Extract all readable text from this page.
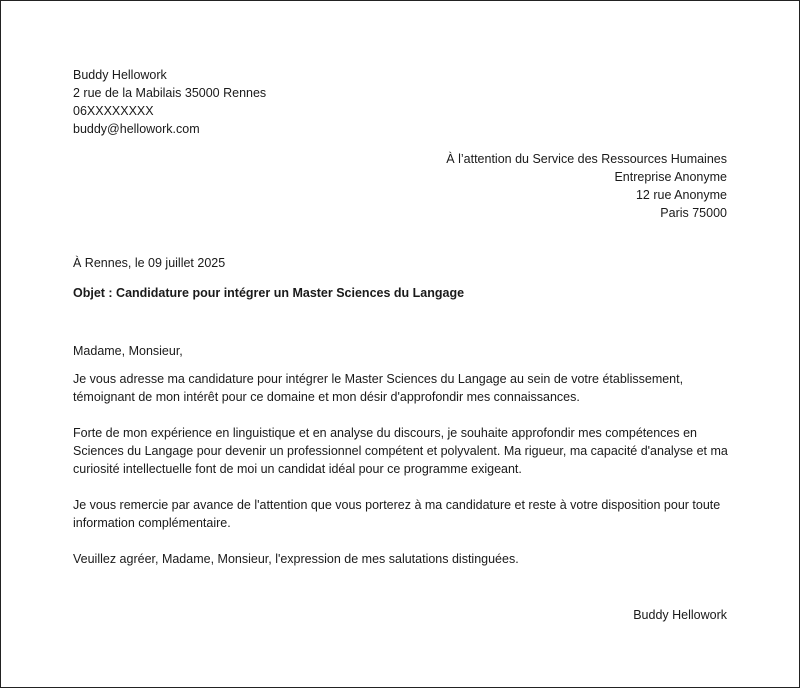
Buddy Hellowork
2 rue de la Mabilais 35000 Rennes
06XXXXXXXX
buddy@hellowork.com
À l’attention du Service des Ressources Humaines
Entreprise Anonyme
12 rue Anonyme
Paris 75000
À Rennes, le 09 juillet 2025
Objet : Candidature pour intégrer un Master Sciences du Langage

Madame, Monsieur,

Je vous adresse ma candidature pour intégrer le Master Sciences du Langage au sein de votre établissement, témoignant de mon intérêt pour ce domaine et mon désir d'approfondir mes connaissances.

Forte de mon expérience en linguistique et en analyse du discours, je souhaite approfondir mes compétences en Sciences du Langage pour devenir un professionnel compétent et polyvalent. Ma rigueur, ma capacité d'analyse et ma curiosité intellectuelle font de moi un candidat idéal pour ce programme exigeant.

Je vous remercie par avance de l'attention que vous porterez à ma candidature et reste à votre disposition pour toute information complémentaire.

Veuillez agréer, Madame, Monsieur, l'expression de mes salutations distinguées.

Buddy Hellowork
